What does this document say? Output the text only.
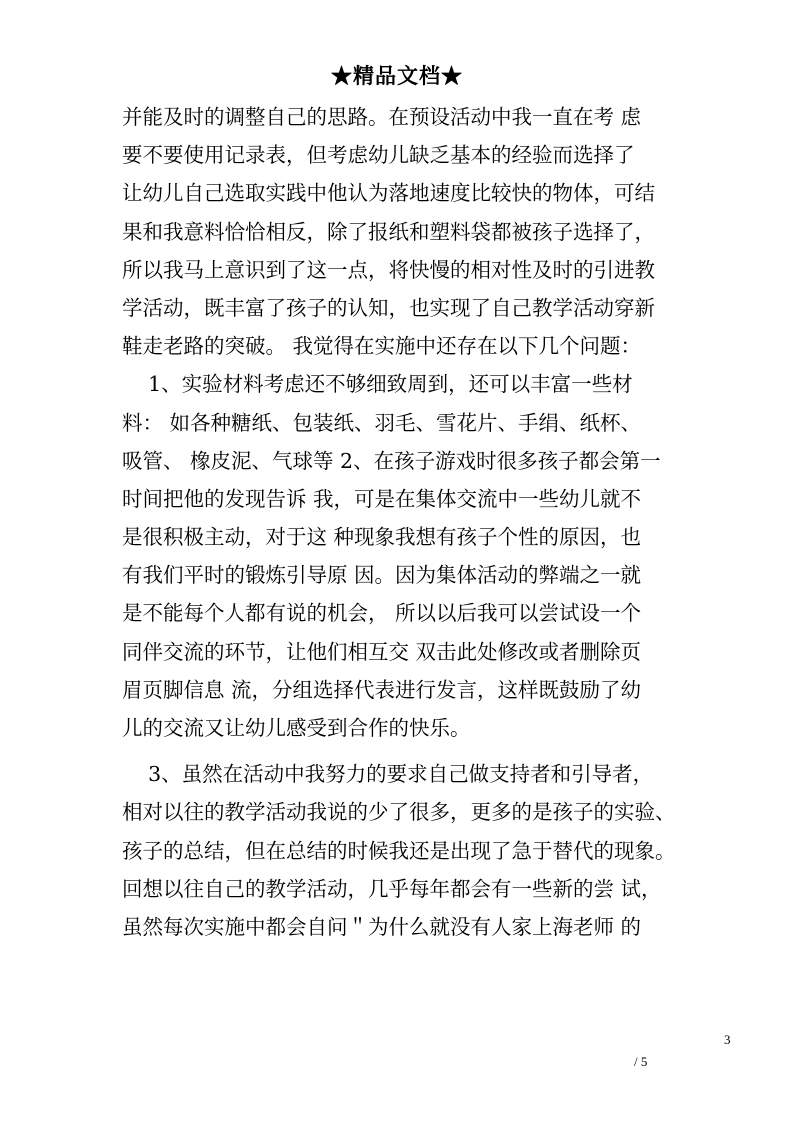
★精品文档★
并能及时的调整自己的思路。在预设活动中我一直在考 虑
要不要使用记录表，但考虑幼儿缺乏基本的经验而选择了
让幼儿自己选取实践中他认为落地速度比较快的物体，可结
果和我意料恰恰相反，除了报纸和塑料袋都被孩子选择了，
所以我马上意识到了这一点，将快慢的相对性及时的引进教
学活动，既丰富了孩子的认知，也实现了自己教学活动穿新
鞋走老路的突破。 我觉得在实施中还存在以下几个问题：
1、实验材料考虑还不够细致周到，还可以丰富一些材
料： 如各种糖纸、包装纸、羽毛、雪花片、手绢、纸杯、
吸管、 橡皮泥、气球等 2、在孩子游戏时很多孩子都会第一
时间把他的发现告诉 我，可是在集体交流中一些幼儿就不
是很积极主动，对于这 种现象我想有孩子个性的原因，也
有我们平时的锻炼引导原 因。因为集体活动的弊端之一就
是不能每个人都有说的机会， 所以以后我可以尝试设一个
同伴交流的环节，让他们相互交 双击此处修改或者删除页
眉页脚信息 流，分组选择代表进行发言，这样既鼓励了幼
儿的交流又让幼儿感受到合作的快乐。
3、虽然在活动中我努力的要求自己做支持者和引导者，
相对以往的教学活动我说的少了很多，更多的是孩子的实验、
孩子的总结，但在总结的时候我还是出现了急于替代的现象。
回想以往自己的教学活动，几乎每年都会有一些新的尝 试，
虽然每次实施中都会自问＂为什么就没有人家上海老师 的
3
/ 5
